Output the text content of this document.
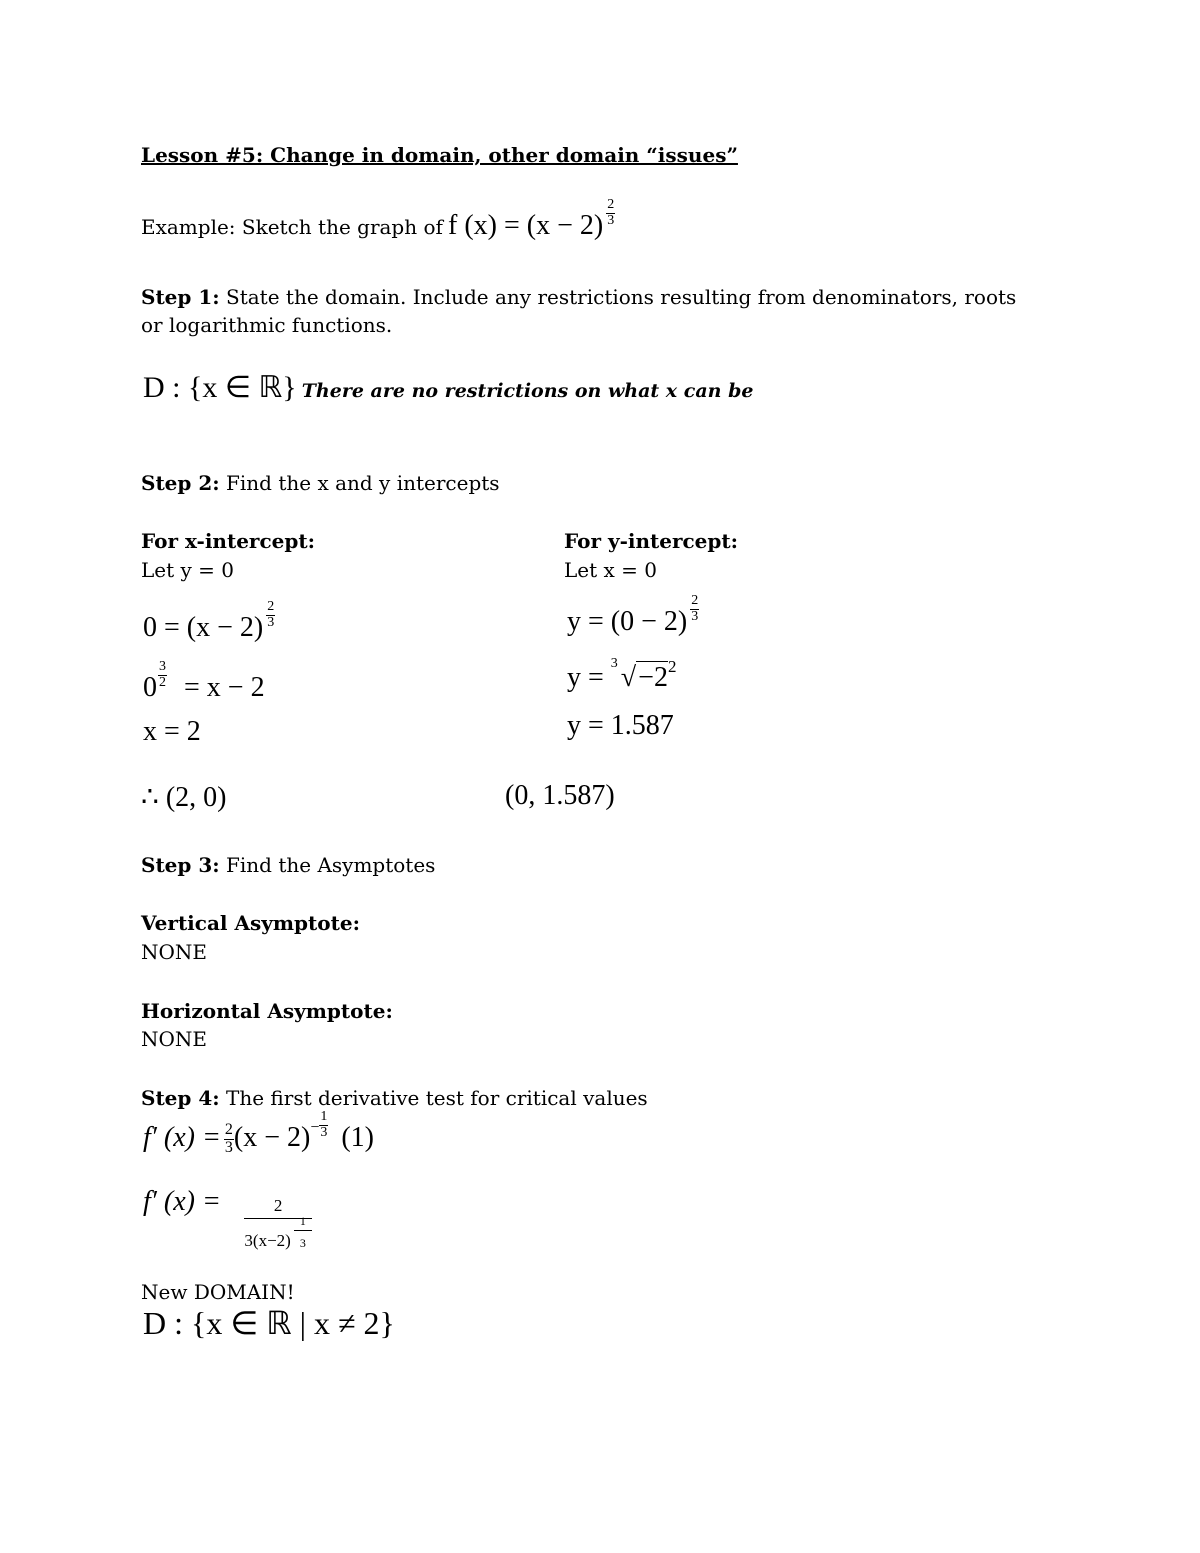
Lesson #5: Change in domain, other domain “issues”
Example: Sketch the graph of f $(x) = (x - 2) \frac{2}{3}$
Step 1: State the domain. Include any restrictions resulting from denominators, roots
or logarithmic functions.
D : {x ∈ ℝ} There are no restrictions on what x can be
Step 2: Find the x and y intercepts
For x-intercept:
Let y = 0
$0 = (x - 2) \frac{2}{3}$
$0 \frac{3}{2} = x - 2$
x = 2
∴ (2, 0)
For y-intercept:
Let x = 0
$y = (0 - 2) \frac{2}{3}$
y = 3 $√-2^2$
y = 1.587
(0, 1.587)
Step 3: Find the Asymptotes
Vertical Asymptote:
NONE
Horizontal Asymptote:
NONE
Step 4: The first derivative test for critical values
f′ $(x) = \frac{2}{3} (x - 2)^- \frac{1}{3} (1)$
f′ $(x) = \frac{2}{3(x-2) \frac{1}{3}}$
New DOMAIN!
D : {x ∈ ℝ | x ≠ 2}
